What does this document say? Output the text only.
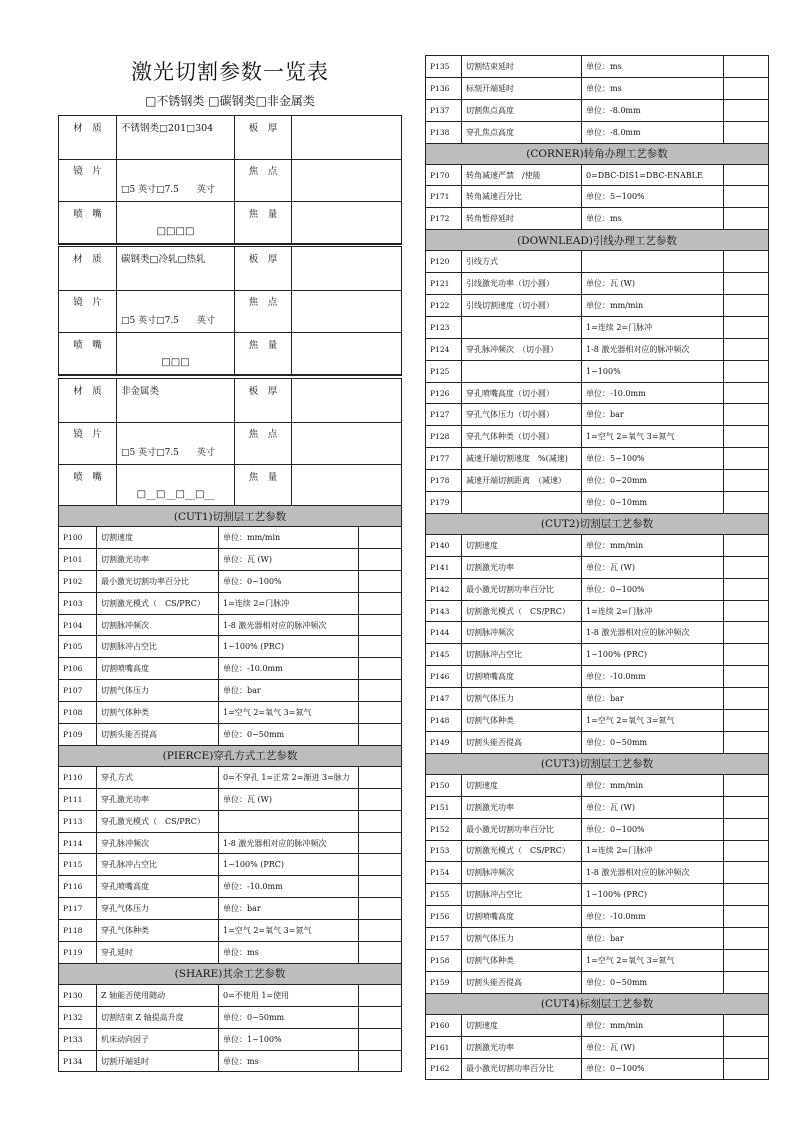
激光切割参数一览表
□不锈钢类 □碳钢类□非金属类
材　质	不锈钢类□201□304	板　厚	
镜　片	□5 英寸□7.5　　英寸	焦　点	
喷　嘴	□□□□	焦　量	
材　质	碳钢类□冷轧□热轧	板　厚	
镜　片	□5 英寸□7.5　　英寸	焦　点	
喷　嘴	□□□	焦　量	
材　质	非金属类	板　厚	
镜　片	□5 英寸□7.5　　英寸	焦　点	
喷　嘴	□__□__□__□__	焦　量	
(CUT1)切割层工艺参数			
P100	切割速度	单位：mm/min	
P101	切割激光功率	单位：瓦 (W)	
P102	最小激光切割功率百分比	单位：0~100%	
P103	切割激光模式（　CS/PRC）	1=连续 2=门脉冲	
P104	切割脉冲频次	1-8 激光器相对应的脉冲频次	
P105	切割脉冲占空比	1~100% (PRC)	
P106	切割喷嘴高度	单位：-10.0mm	
P107	切割气体压力	单位：bar	
P108	切割气体种类	1=空气 2=氧气 3=氮气	
P109	切割头能否提高	单位：0~50mm	
(PIERCE)穿孔方式工艺参数			
P110	穿孔方式	0=不穿孔 1=正常 2=渐进 3=脉力	
P111	穿孔激光功率	单位：瓦 (W)	
P113	穿孔激光模式（　CS/PRC）		
P114	穿孔脉冲频次	1-8 激光器相对应的脉冲频次	
P115	穿孔脉冲占空比	1~100% (PRC)	
P116	穿孔喷嘴高度	单位：-10.0mm	
P117	穿孔气体压力	单位：bar	
P118	穿孔气体种类	1=空气 2=氧气 3=氮气	
P119	穿孔延时	单位：ms	
(SHARE)其余工艺参数			
P130	Z 轴能否使用随动	0=不使用 1=使用	
P132	切割结束 Z 轴提高升度	单位：0~50mm	
P133	机床动向因子	单位：1~100%	
P134	切割开端延时	单位：ms	
P135	切割结束延时	单位：ms	
P136	标刻开端延时	单位：ms	
P137	切割焦点高度	单位：-8.0mm	
P138	穿孔焦点高度	单位：-8.0mm	
(CORNER)转角办理工艺参数			
P170	转角减速严禁　/使能	0=DBC-DIS1=DBC-ENABLE	
P171	转角减速百分比	单位：5~100%	
P172	转角暂停延时	单位：ms	
(DOWNLEAD)引线办理工艺参数			
P120	引线方式		
P121	引线激光功率（切小圆）	单位：瓦 (W)	
P122	引线切割速度（切小圆）	单位：mm/min	
P123		1=连续 2=门脉冲	
P124	穿孔脉冲频次　（切小圆）	1-8 激光器相对应的脉冲频次	
P125		1~100%	
P126	穿孔喷嘴高度（切小圆）	单位：-10.0mm	
P127	穿孔气体压力（切小圆）	单位：bar	
P128	穿孔气体种类（切小圆）	1=空气 2=氧气 3=氮气	
P177	减速开端切割速度　%(减速)	单位：5~100%	
P178	减速开端切割距离　（减速）	单位：0~20mm	
P179		单位：0~10mm	
(CUT2)切割层工艺参数			
P140	切割速度	单位：mm/min	
P141	切割激光功率	单位：瓦 (W)	
P142	最小激光切割功率百分比	单位：0~100%	
P143	切割激光模式（　CS/PRC）	1=连续 2=门脉冲	
P144	切割脉冲频次	1-8 激光器相对应的脉冲频次	
P145	切割脉冲占空比	1~100% (PRC)	
P146	切割喷嘴高度	单位：-10.0mm	
P147	切割气体压力	单位：bar	
P148	切割气体种类	1=空气 2=氧气 3=氮气	
P149	切割头能否提高	单位：0~50mm	
(CUT3)切割层工艺参数			
P150	切割速度	单位：mm/min	
P151	切割激光功率	单位：瓦 (W)	
P152	最小激光切割功率百分比	单位：0~100%	
P153	切割激光模式（　CS/PRC）	1=连续 2=门脉冲	
P154	切割脉冲频次	1-8 激光器相对应的脉冲频次	
P155	切割脉冲占空比	1~100% (PRC)	
P156	切割喷嘴高度	单位：-10.0mm	
P157	切割气体压力	单位：bar	
P158	切割气体种类	1=空气 2=氧气 3=氮气	
P159	切割头能否提高	单位：0~50mm	
(CUT4)标刻层工艺参数			
P160	切割速度	单位：mm/min	
P161	切割激光功率	单位：瓦 (W)	
P162	最小激光切割功率百分比	单位：0~100%	
